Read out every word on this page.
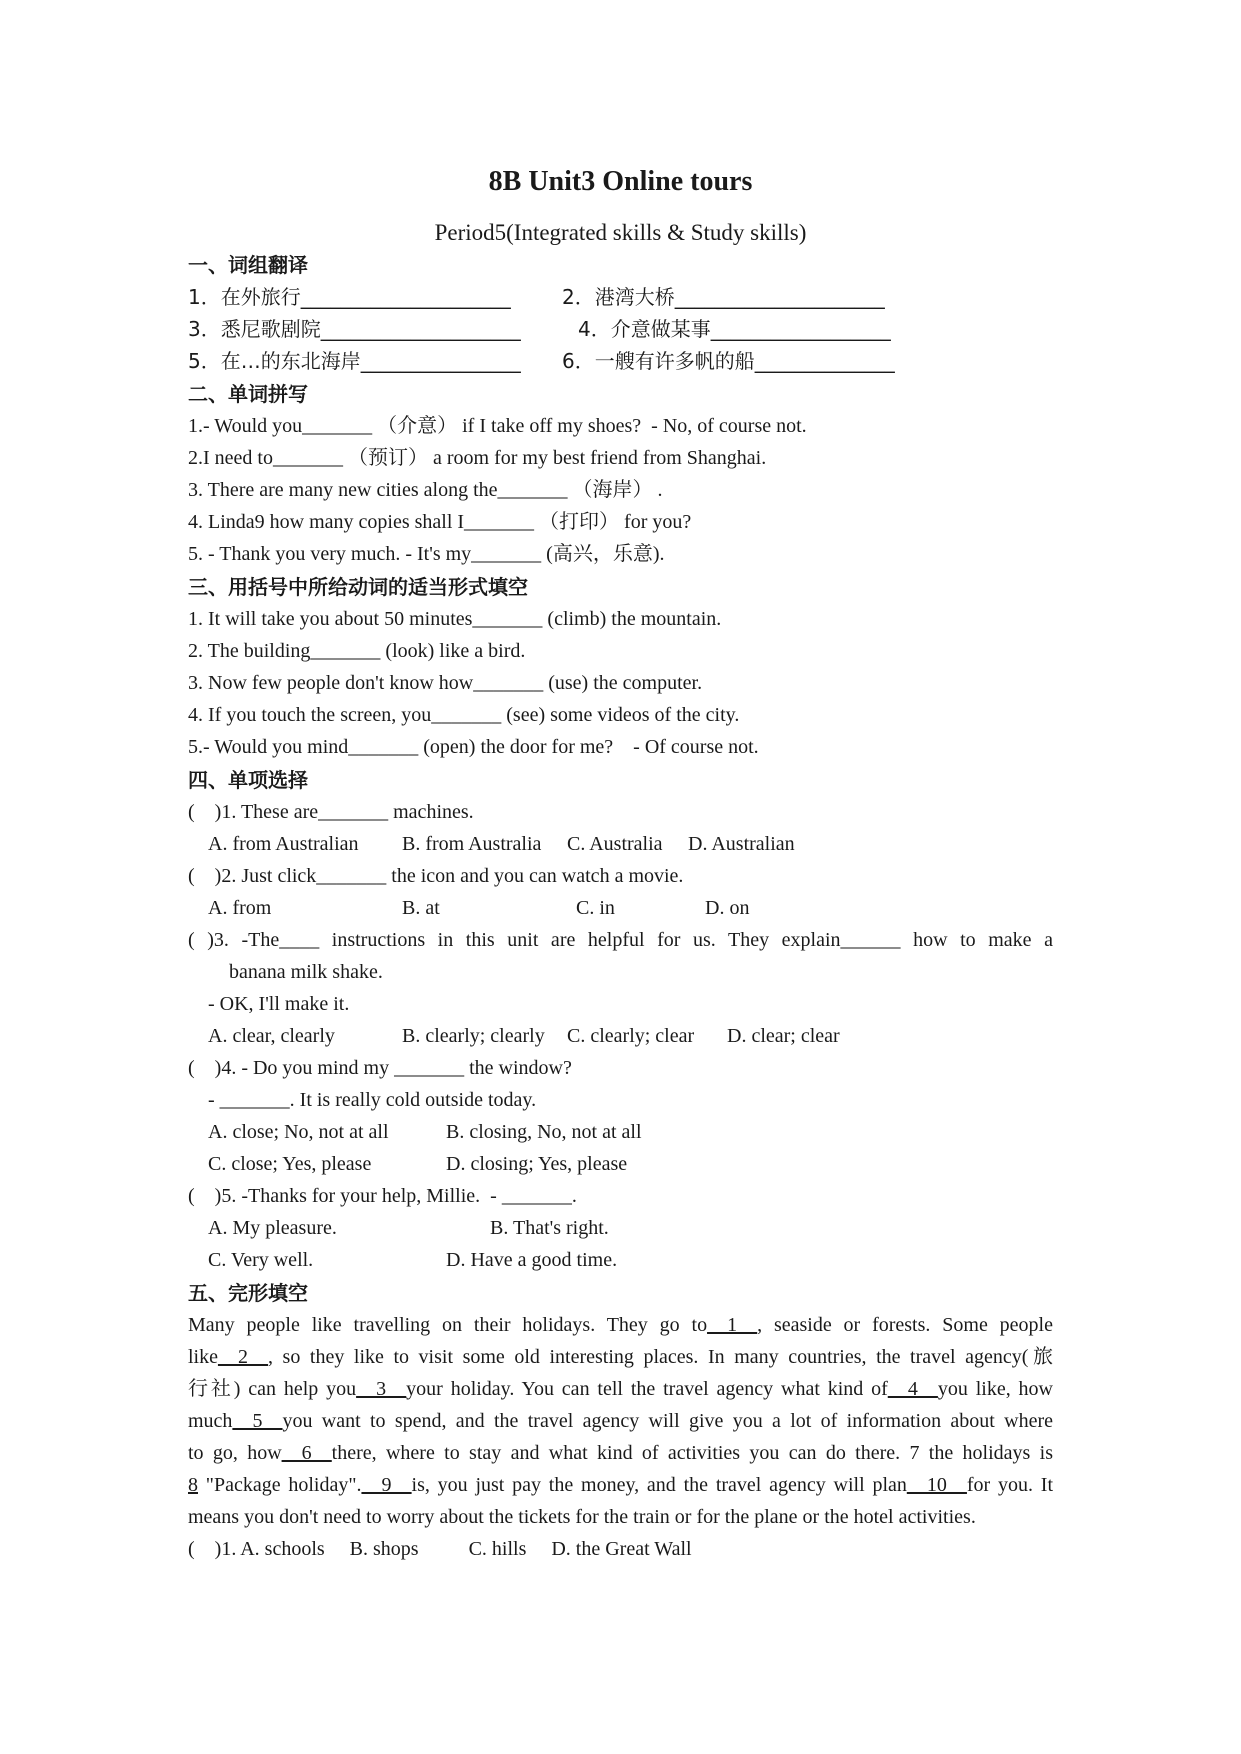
8B Unit3 Online tours
Period5(Integrated skills & Study skills)
一、词组翻译
1．在外旅行_____________________	2．港湾大桥_____________________
3．悉尼歌剧院____________________	4．介意做某事__________________
5．在…的东北海岸________________ 6．一艘有许多帆的船______________
二、单词拼写
1.- Would you_______ （介意） if I take off my shoes?  - No, of course not.
2.I need to_______ （预订） a room for my best friend from Shanghai.
3. There are many new cities along the_______ （海岸） .
4. Linda9 how many copies shall I_______ （打印） for you?
5. - Thank you very much. - It's my_______ (高兴，乐意).
三、用括号中所给动词的适当形式填空
1. It will take you about 50 minutes_______ (climb) the mountain.
2. The building_______ (look) like a bird.
3. Now few people don't know how_______ (use) the computer.
4. If you touch the screen, you_______ (see) some videos of the city.
5.- Would you mind_______ (open) the door for me?    - Of course not.
四、单项选择
(    )1. These are_______ machines.
A. from Australian B. from Australia C. Australia D. Australian
(    )2. Just click_______ the icon and you can watch a movie.
A. from	B. at	C. in	D. on
( )3. -The____ instructions in this unit are helpful for us. They explain______ how to make a
banana milk shake.
- OK, I'll make it.
A. clear, clearly	B. clearly; clearly C. clearly; clear D. clear; clear
(    )4. - Do you mind my _______ the window?
- _______. It is really cold outside today.
A. close; No, not at all	B. closing, No, not at all
C. close; Yes, please	D. closing; Yes, please
(    )5. -Thanks for your help, Millie.  - _______.
A. My pleasure.	B. That's right.
C. Very well.	D. Have a good time.
五、完形填空
Many people like travelling on their holidays. They go to__1__, seaside or forests. Some people
like__2__, so they like to visit some old interesting places. In many countries, the travel agency(旅
行社) can help you__3__your holiday. You can tell the travel agency what kind of__4__you like, how
much__5__you want to spend, and the travel agency will give you a lot of information about where
to go, how__6__there, where to stay and what kind of activities you can do there. 7 the holidays is
8 "Package holiday".__9__is, you just pay the money, and the travel agency will plan__10__for you. It
means you don't need to worry about the tickets for the train or for the plane or the hotel activities.
(    )1. A. schools     B. shops          C. hills     D. the Great Wall
